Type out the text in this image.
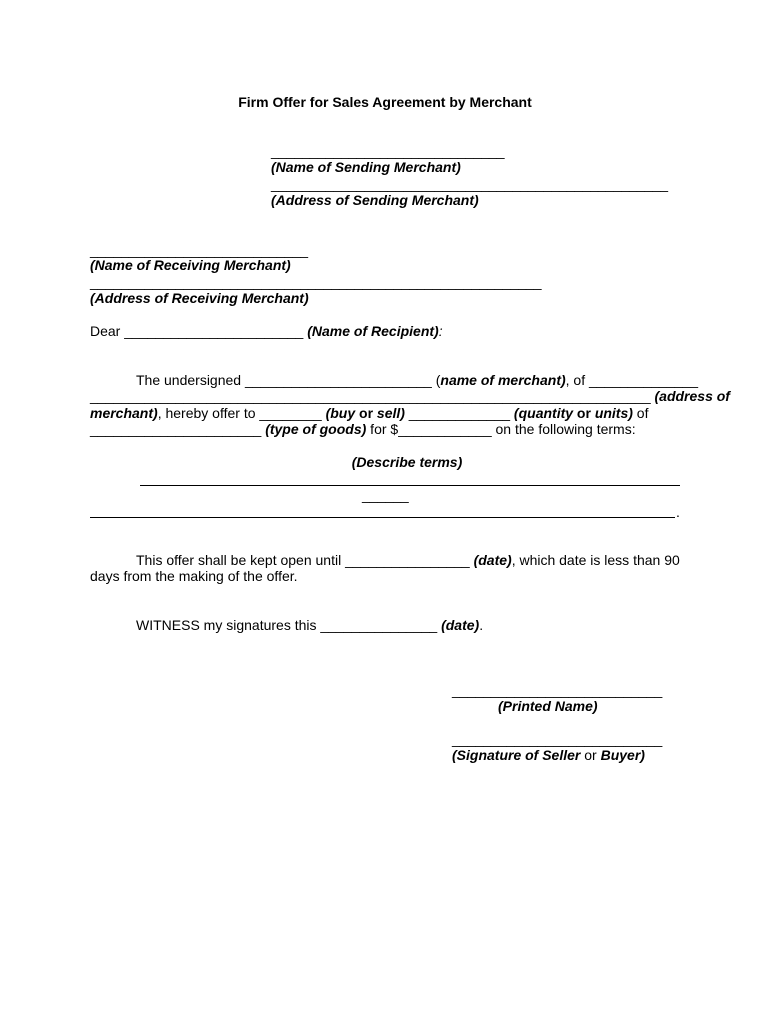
Firm Offer for Sales Agreement by Merchant
______________________________
(Name of Sending Merchant)
___________________________________________________
(Address of Sending Merchant)
____________________________
(Name of Receiving Merchant)
__________________________________________________________
(Address of Receiving Merchant)
Dear _______________________ (Name of Recipient):
The undersigned ________________________ (name of merchant), of ______________
________________________________________________________________________ (address of
merchant), hereby offer to ________ (buy or sell) _____________ (quantity or units) of
______________________ (type of goods) for $____________ on the following terms:
(Describe terms)
______
.
This offer shall be kept open until ________________ (date), which date is less than 90
days from the making of the offer.
WITNESS my signatures this _______________ (date).
___________________________
(Printed Name)
___________________________
(Signature of Seller or Buyer)
